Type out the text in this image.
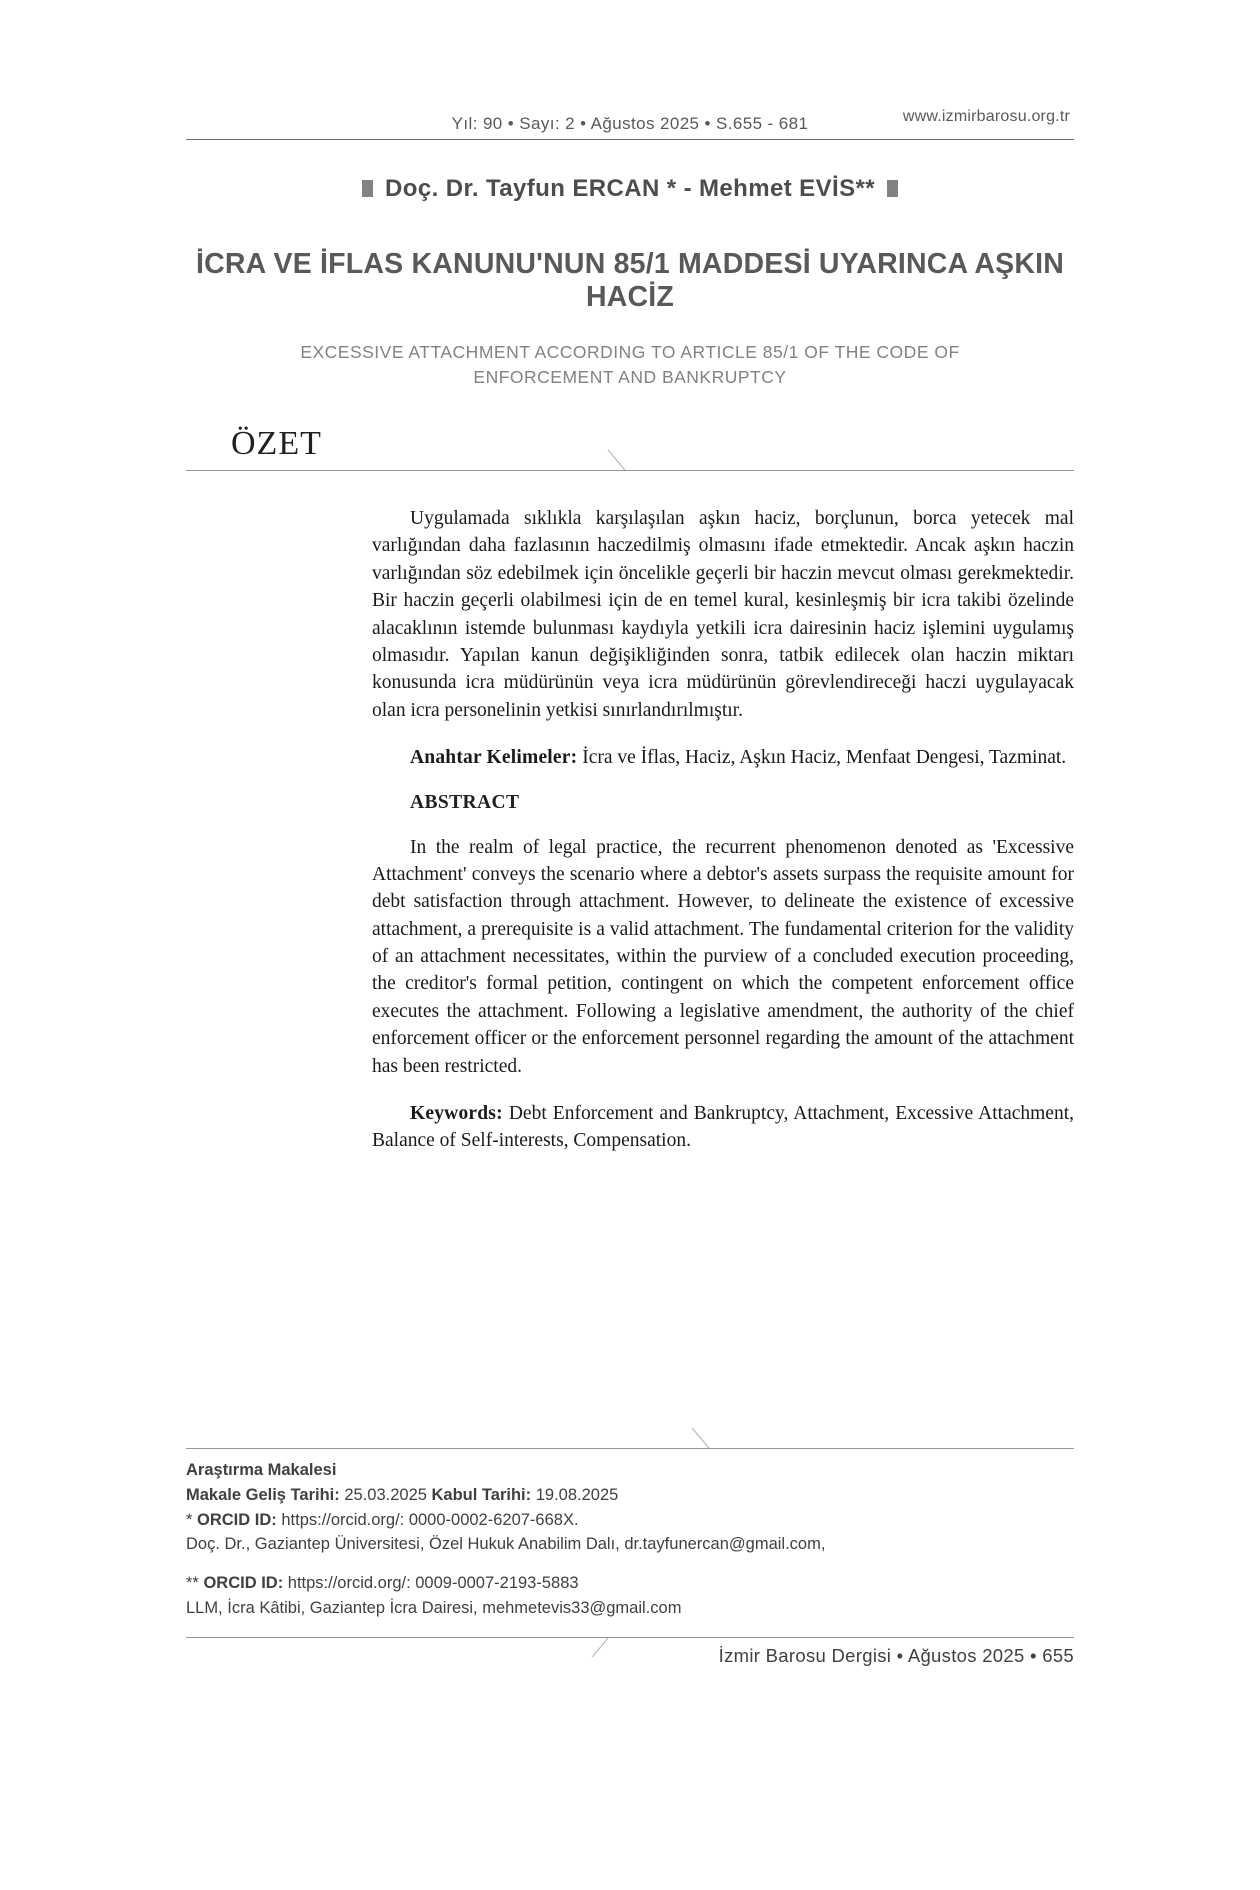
Yıl: 90 • Sayı: 2 • Ağustos 2025 • S.655 - 681	www.izmirbarosu.org.tr
Doç. Dr. Tayfun ERCAN * - Mehmet EVİS**
İCRA VE İFLAS KANUNU'NUN 85/1 MADDESİ UYARINCA AŞKIN HACİZ
EXCESSIVE ATTACHMENT ACCORDING TO ARTICLE 85/1 OF THE CODE OF ENFORCEMENT AND BANKRUPTCY
ÖZET

Uygulamada sıklıkla karşılaşılan aşkın haciz, borçlunun, borca yetecek mal varlığından daha fazlasının haczedilmiş olmasını ifade etmektedir. Ancak aşkın haczin varlığından söz edebilmek için öncelikle geçerli bir haczin mevcut olması gerekmektedir. Bir haczin geçerli olabilmesi için de en temel kural, kesinleşmiş bir icra takibi özelinde alacaklının istemde bulunması kaydıyla yetkili icra dairesinin haciz işlemini uygulamış olmasıdır. Yapılan kanun değişikliğinden sonra, tatbik edilecek olan haczin miktarı konusunda icra müdürünün veya icra müdürünün görevlendireceği haczi uygulayacak olan icra personelinin yetkisi sınırlandırılmıştır.

Anahtar Kelimeler: İcra ve İflas, Haciz, Aşkın Haciz, Menfaat Dengesi, Tazminat.

ABSTRACT

In the realm of legal practice, the recurrent phenomenon denoted as 'Excessive Attachment' conveys the scenario where a debtor's assets surpass the requisite amount for debt satisfaction through attachment. However, to delineate the existence of excessive attachment, a prerequisite is a valid attachment. The fundamental criterion for the validity of an attachment necessitates, within the purview of a concluded execution proceeding, the creditor's formal petition, contingent on which the competent enforcement office executes the attachment. Following a legislative amendment, the authority of the chief enforcement officer or the enforcement personnel regarding the amount of the attachment has been restricted.

Keywords: Debt Enforcement and Bankruptcy, Attachment, Excessive Attachment, Balance of Self-interests, Compensation.

Araştırma Makalesi
Makale Geliş Tarihi: 25.03.2025 Kabul Tarihi: 19.08.2025
* ORCID ID: https://orcid.org/: 0000-0002-6207-668X.
Doç. Dr., Gaziantep Üniversitesi, Özel Hukuk Anabilim Dalı, dr.tayfunercan@gmail.com,
** ORCID ID: https://orcid.org/: 0009-0007-2193-5883
LLM, İcra Kâtibi, Gaziantep İcra Dairesi, mehmetevis33@gmail.com
İzmir Barosu Dergisi • Ağustos 2025 • 655
